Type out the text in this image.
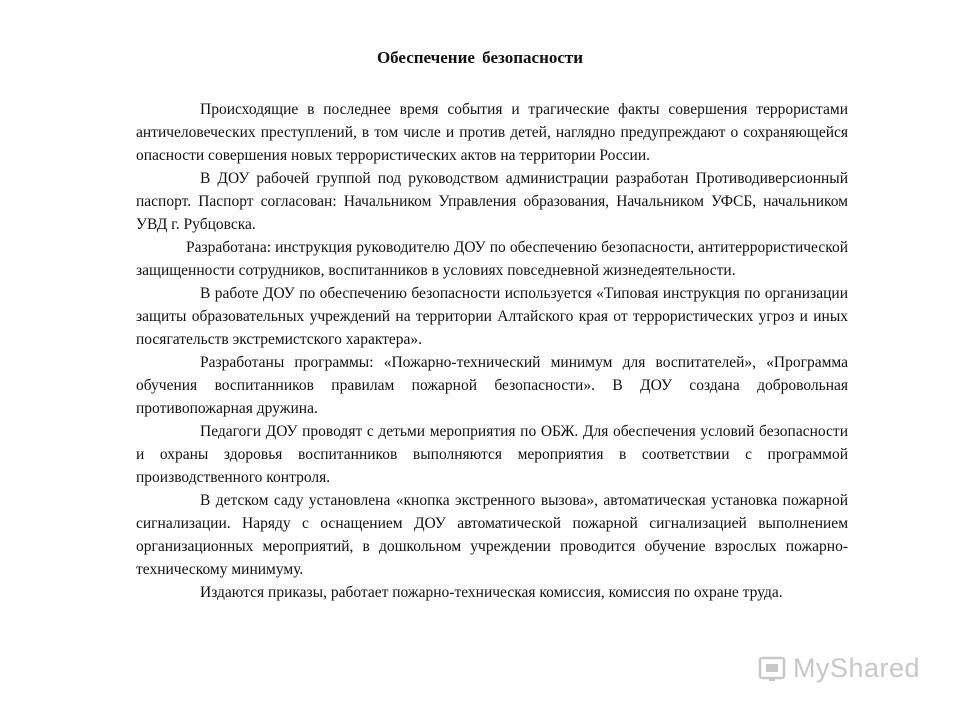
Обеспечение безопасности

Происходящие в последнее время события и трагические факты совершения террористами античеловеческих преступлений, в том числе и против детей, наглядно предупреждают о сохраняющейся опасности совершения новых террористических актов на территории России.

В ДОУ рабочей группой под руководством администрации разработан Противодиверсионный паспорт. Паспорт согласован: Начальником Управления образования, Начальником УФСБ, начальником УВД г. Рубцовска.

Разработана: инструкция руководителю ДОУ по обеспечению безопасности, антитеррористической защищенности сотрудников, воспитанников в условиях повседневной жизнедеятельности.

В работе ДОУ по обеспечению безопасности используется «Типовая инструкция по организации защиты образовательных учреждений на территории Алтайского края от террористических угроз и иных посягательств экстремистского характера».

Разработаны программы: «Пожарно-технический минимум для воспитателей», «Программа обучения воспитанников правилам пожарной безопасности». В ДОУ создана добровольная противопожарная дружина.

Педагоги ДОУ проводят с детьми мероприятия по ОБЖ. Для обеспечения условий безопасности и охраны здоровья воспитанников выполняются мероприятия в соответствии с программой производственного контроля.

В детском саду установлена «кнопка экстренного вызова», автоматическая установка пожарной сигнализации. Наряду с оснащением ДОУ автоматической пожарной сигнализацией выполнением организационных мероприятий, в дошкольном учреждении проводится обучение взрослых пожарно-техническому минимуму.

Издаются приказы, работает пожарно-техническая комиссия, комиссия по охране труда.

MyShared
